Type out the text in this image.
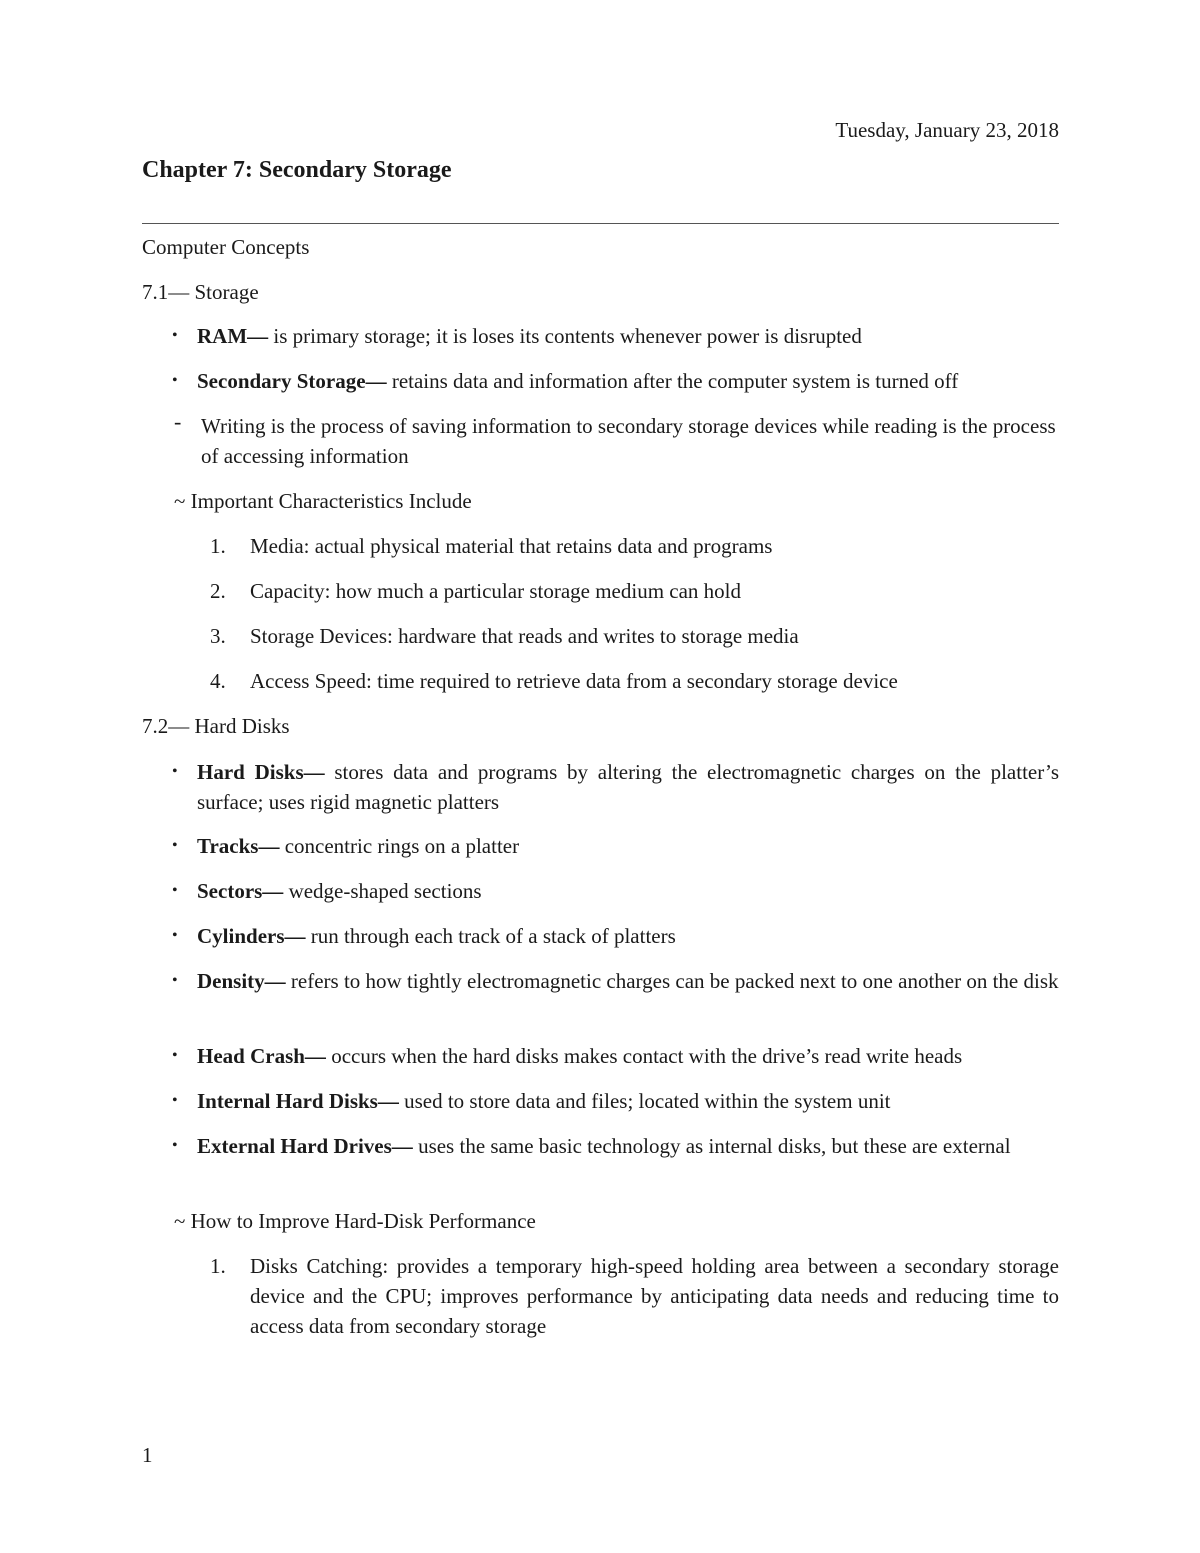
Tuesday, January 23, 2018
Chapter 7: Secondary Storage
Computer Concepts
7.1— Storage
• RAM— is primary storage; it is loses its contents whenever power is disrupted
• Secondary Storage— retains data and information after the computer system is turned off
- Writing is the process of saving information to secondary storage devices while reading is the process of accessing information
~ Important Characteristics Include
1. Media: actual physical material that retains data and programs
2. Capacity: how much a particular storage medium can hold
3. Storage Devices: hardware that reads and writes to storage media
4. Access Speed: time required to retrieve data from a secondary storage device
7.2— Hard Disks
• Hard Disks— stores data and programs by altering the electromagnetic charges on the platter’s surface; uses rigid magnetic platters
• Tracks— concentric rings on a platter
• Sectors— wedge-shaped sections
• Cylinders— run through each track of a stack of platters
• Density— refers to how tightly electromagnetic charges can be packed next to one another on the disk
• Head Crash— occurs when the hard disks makes contact with the drive’s read write heads
• Internal Hard Disks— used to store data and files; located within the system unit
• External Hard Drives— uses the same basic technology as internal disks, but these are external
~ How to Improve Hard-Disk Performance
1. Disks Catching: provides a temporary high-speed holding area between a secondary storage device and the CPU; improves performance by anticipating data needs and reducing time to access data from secondary storage
1
